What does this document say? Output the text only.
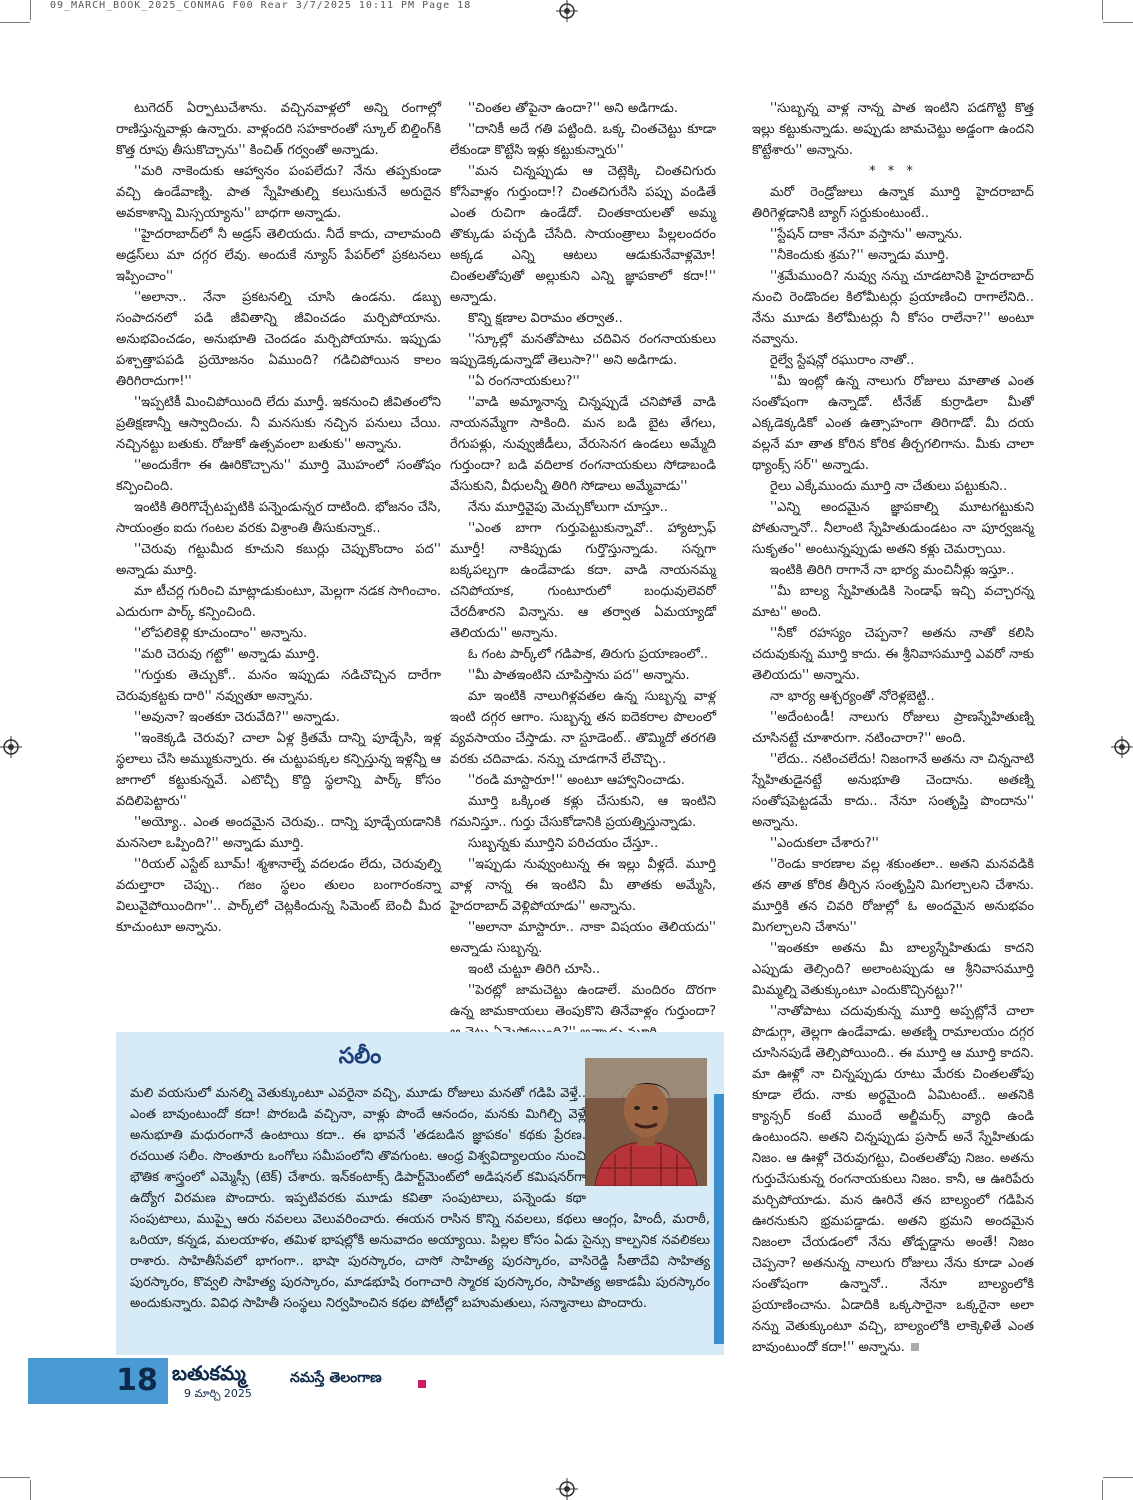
09_MARCH_BOOK_2025_CONMAG F00 Rear 3/7/2025 10:11 PM Page 18

టుగెదర్ ఏర్పాటుచేశాను. వచ్చినవాళ్లలో అన్ని రంగాల్లో రాణిస్తున్నవాళ్లు ఉన్నారు. వాళ్లందరి సహకారంతో స్కూల్ బిల్డింగ్‌కి కొత్త రూపు తీసుకొచ్చాను'' కించిత్ గర్వంతో అన్నాడు.

''మరి నాకెందుకు ఆహ్వానం పంపలేదు? నేను తప్పకుండా వచ్చి ఉండేవాణ్ని. పాత స్నేహితుల్ని కలుసుకునే అరుదైన అవకాశాన్ని మిస్సయ్యాను'' బాధగా అన్నాడు.

''హైదరాబాద్‌లో నీ అడ్రస్ తెలియదు. నీదే కాదు, చాలామంది అడ్రస్‌లు మా దగ్గర లేవు. అందుకే న్యూస్ పేపర్‌లో ప్రకటనలు ఇప్పించాం''

''అలానా.. నేనా ప్రకటనల్ని చూసి ఉండను. డబ్బు సంపాదనలో పడి జీవితాన్ని జీవించడం మర్చిపోయాను. అనుభవించడం, అనుభూతి చెందడం మర్చిపోయాను. ఇప్పుడు పశ్చాత్తాపపడి ప్రయోజనం ఏముంది? గడిచిపోయిన కాలం తిరిగిరాదుగా!''

''ఇప్పటికీ మించిపోయింది లేదు మూర్తీ. ఇకనుంచి జీవితంలోని ప్రతిక్షణాన్నీ ఆస్వాదించు. నీ మనసుకు నచ్చిన పనులు చేయి. నచ్చినట్టు బతుకు. రోజుకో ఉత్సవంలా బతుకు'' అన్నాను.

''అందుకేగా ఈ ఊరికొచ్చాను'' మూర్తి మొహంలో సంతోషం కన్పించింది.

ఇంటికి తిరిగొచ్చేటప్పటికి పన్నెండున్నర దాటింది. భోజనం చేసి, సాయంత్రం ఐదు గంటల వరకు విశ్రాంతి తీసుకున్నాక..

''చెరువు గట్టుమీద కూచుని కబుర్లు చెప్పుకొందాం పద'' అన్నాడు మూర్తి.

మా టీచర్ల గురించి మాట్లాడుకుంటూ, మెల్లగా నడక సాగించాం. ఎదురుగా పార్క్ కన్పించింది.

''లోపలికెళ్లి కూచుందాం'' అన్నాను.

''మరి చెరువు గట్టో'' అన్నాడు మూర్తి.

''గుర్తుకు తెచ్చుకో.. మనం ఇప్పుడు నడిచొచ్చిన దారేగా చెరువుకట్టకు దారి'' నవ్వుతూ అన్నాను.

''అవునా? ఇంతకూ చెరువేది?'' అన్నాడు.

''ఇంకెక్కడి చెరువు? చాలా ఏళ్ల క్రితమే దాన్ని పూడ్చేసి, ఇళ్ల స్థలాలు చేసి అమ్ముకున్నారు. ఈ చుట్టుపక్కల కన్పిస్తున్న ఇళ్లన్నీ ఆ జాగాలో కట్టుకున్నవే. ఎటొచ్చీ కొద్ది స్థలాన్ని పార్క్ కోసం వదిలిపెట్టారు''

''అయ్యో.. ఎంత అందమైన చెరువు.. దాన్ని పూడ్చేయడానికి మనసెలా ఒప్పింది?'' అన్నాడు మూర్తి.

''రియల్ ఎస్టేట్ బూమ్! శ్మశానాల్నే వదలడం లేదు, చెరువుల్ని వదుల్తారా చెప్పు.. గజం స్థలం తులం బంగారంకన్నా విలువైపోయిందిగా''.. పార్క్‌లో చెట్లకిందున్న సిమెంట్ బెంచీ మీద కూచుంటూ అన్నాను.

''చింతల తోపైనా ఉందా?'' అని అడిగాడు.

''దానికీ అదే గతి పట్టింది. ఒక్క చింతచెట్టు కూడా లేకుండా కొట్టేసి ఇళ్లు కట్టుకున్నారు''

''మన చిన్నప్పుడు ఆ చెట్లెక్కి చింతచిగురు కోసేవాళ్లం గుర్తుందా!? చింతచిగురేసి పప్పు వండితే ఎంత రుచిగా ఉండేదో. చింతకాయలతో అమ్మ తొక్కుడు పచ్చడి చేసేది. సాయంత్రాలు పిల్లలందరం అక్కడ ఎన్ని ఆటలు ఆడుకునేవాళ్లమో! చింతలతోపుతో అల్లుకుని ఎన్ని జ్ఞాపకాలో కదా!'' అన్నాడు.

కొన్ని క్షణాల విరామం తర్వాత..

''స్కూల్లో మనతోపాటు చదివిన రంగనాయకులు ఇప్పుడెక్కడున్నాడో తెలుసా?'' అని అడిగాడు.

''ఏ రంగనాయకులు?''

''వాడి అమ్మానాన్న చిన్నప్పుడే చనిపోతే వాడి నాయనమ్మేగా సాకింది. మన బడి బైట తేగలు, రేగుపళ్లు, నువ్వుజీడీలు, వేరుసెనగ ఉండలు అమ్మేది గుర్తుందా? బడి వదిలాక రంగనాయకులు సోడాబండి వేసుకుని, వీధులన్నీ తిరిగి సోడాలు అమ్మేవాడు''

నేను మూర్తివైపు మెచ్చుకోలుగా చూస్తూ..

''ఎంత బాగా గుర్తుపెట్టుకున్నావో.. హ్యాట్సాఫ్ మూర్తీ! నాకిప్పుడు గుర్తొస్తున్నాడు. సన్నగా బక్కపల్చగా ఉండేవాడు కదా. వాడి నాయనమ్మ చనిపోయాక, గుంటూరులో బంధువులెవరో చేరదీశారని విన్నాను. ఆ తర్వాత ఏమయ్యాడో తెలియదు'' అన్నాను.

ఓ గంట పార్క్‌లో గడిపాక, తిరుగు ప్రయాణంలో..

''మీ పాతఇంటిని చూపిస్తాను పద'' అన్నాను.

మా ఇంటికి నాలుగిళ్లవతల ఉన్న సుబ్బన్న వాళ్ల ఇంటి దగ్గర ఆగాం. సుబ్బన్న తన ఐదెకరాల పొలంలో వ్యవసాయం చేస్తాడు. నా స్టూడెంట్.. తొమ్మిదో తరగతి వరకు చదివాడు. నన్ను చూడగానే లేచొచ్చి..

''రండి మాస్టారూ!'' అంటూ ఆహ్వానించాడు.

మూర్తి ఒక్కింత కళ్లు చేసుకుని, ఆ ఇంటిని గమనిస్తూ.. గుర్తు చేసుకోడానికి ప్రయత్నిస్తున్నాడు.

సుబ్బన్నకు మూర్తిని పరిచయం చేస్తూ..

''ఇప్పుడు నువ్వుంటున్న ఈ ఇల్లు వీళ్లదే. మూర్తి వాళ్ల నాన్న ఈ ఇంటిని మీ తాతకు అమ్మేసి, హైదరాబాద్ వెళ్లిపోయాడు'' అన్నాను.

''అలానా మాస్టారూ.. నాకా విషయం తెలియదు'' అన్నాడు సుబ్బన్న.

ఇంటి చుట్టూ తిరిగి చూసి..

''పెరట్లో జామచెట్టు ఉండాలే. మందిరం దొరగా ఉన్న జామకాయలు తెంపుకొని తినేవాళ్లం గుర్తుందా?

''సుబ్బన్న వాళ్ల నాన్న పాత ఇంటిని పడగొట్టి కొత్త ఇల్లు కట్టుకున్నాడు. అప్పుడు జామచెట్టు అడ్డంగా ఉందని కొట్టేశారు'' అన్నాను.

* * *

మరో రెండ్రోజులు ఉన్నాక మూర్తి హైదరాబాద్ తిరిగెళ్లడానికి బ్యాగ్ సర్దుకుంటుంటే..

''స్టేషన్ దాకా నేనూ వస్తాను'' అన్నాను.

''నీకెందుకు శ్రమ?'' అన్నాడు మూర్తి.

''శ్రమేముంది? నువ్వు నన్ను చూడటానికి హైదరాబాద్ నుంచి రెండొందల కిలోమీటర్లు ప్రయాణించి రాగాలేనిది.. నేను మూడు కిలోమీటర్లు నీ కోసం రాలేనా?'' అంటూ నవ్వాను.

రైల్వే స్టేషన్లో రఘురాం నాతో..

''మీ ఇంట్లో ఉన్న నాలుగు రోజులు మాతాత ఎంత సంతోషంగా ఉన్నాడో. టీనేజ్ కుర్రాడిలా మీతో ఎక్కడెక్కడికో ఎంత ఉత్సాహంగా తిరిగాడో. మీ దయ వల్లనే మా తాత కోరిన కోరిక తీర్చగలిగాను. మీకు చాలా థ్యాంక్స్ సర్'' అన్నాడు.

రైలు ఎక్కేముందు మూర్తి నా చేతులు పట్టుకుని..

''ఎన్ని అందమైన జ్ఞాపకాల్ని మూటగట్టుకుని పోతున్నానో.. నీలాంటి స్నేహితుడుండటం నా పూర్వజన్మ సుకృతం'' అంటున్నప్పుడు అతని కళ్లు చెమర్చాయి.

ఇంటికి తిరిగి రాగానే నా భార్య మంచినీళ్లు ఇస్తూ..

''మీ బాల్య స్నేహితుడికి సెండాఫ్ ఇచ్చి వచ్చారన్న మాట'' అంది.

''నీకో రహస్యం చెప్పనా? అతను నాతో కలిసి చదువుకున్న మూర్తి కాదు. ఈ శ్రీనివాసమూర్తి ఎవరో నాకు తెలియదు'' అన్నాను.

నా భార్య ఆశ్చర్యంతో నోరెళ్లబెట్టి..

''అదేంటండీ! నాలుగు రోజులు ప్రాణస్నేహితుణ్ని చూసినట్టే చూశారుగా. నటించారా?'' అంది.

''లేదు.. నటించలేదు! నిజంగానే అతను నా చిన్ననాటి స్నేహితుడైనట్టే అనుభూతి చెందాను. అతణ్ని సంతోషపెట్టడమే కాదు.. నేనూ సంతృప్తి పొందాను'' అన్నాను.

''ఎందుకలా చేశారు?''

''రెండు కారణాల వల్ల శకుంతలా.. అతని మనవడికి తన తాత కోరిక తీర్చిన సంతృప్తిని మిగల్చాలని చేశాను. మూర్తికి తన చివరి రోజుల్లో ఓ అందమైన అనుభవం మిగల్చాలని చేశాను''

''ఇంతకూ అతను మీ బాల్యస్నేహితుడు కాదని ఎప్పుడు తెల్సింది? అలాంటప్పుడు ఆ శ్రీనివాసమూర్తి మిమ్మల్ని వెతుక్కుంటూ ఎందుకొచ్చినట్టు?''

''నాతోపాటు చదువుకున్న మూర్తి అప్పట్లోనే చాలా పొడుగ్గా, తెల్లగా ఉండేవాడు. అతణ్ని రామాలయం దగ్గర చూసినపుడే తెల్సిపోయింది.. ఈ మూర్తి ఆ మూర్తి కాదని. మా ఊళ్లో నా చిన్నప్పుడు రూటు మేరకు చింతలతోపు కూడా లేదు. నాకు అర్థమైంది ఏమిటంటే.. అతనికి క్యాన్సర్ కంటే ముందే అల్జీమర్స్ వ్యాధి ఉండి ఉంటుందని. అతని చిన్నప్పుడు ప్రసాద్ అనే స్నేహితుడు నిజం. ఆ ఊళ్లో చెరువుగట్టు, చింతలతోపు నిజం. అతను గుర్తుచేసుకున్న రంగనాయకులు నిజం. కానీ, ఆ ఊరిపేరు మర్చిపోయాడు. మన ఊరినే తన బాల్యంలో గడిపిన ఊరనుకుని భ్రమపడ్డాడు. అతని భ్రమని అందమైన నిజంలా చేయడంలో నేను తోడ్పడ్డాను అంతే! నిజం చెప్పనా? అతనున్న నాలుగు రోజులు నేను కూడా ఎంత సంతోషంగా ఉన్నానో.. నేనూ బాల్యంలోకి ప్రయాణించాను. ఏడాదికి ఒక్కసారైనా ఒక్కరైనా అలా నన్ను వెతుక్కుంటూ వచ్చి, బాల్యంలోకి లాక్కెళితే ఎంత బావుంటుందో కదా!'' అన్నాను.

సలీం
మలి వయసులో మనల్ని వెతుక్కుంటూ ఎవరైనా వచ్చి, మూడు రోజులు మనతో గడిపి వెళ్తే.. ఎంత బావుంటుందో కదా! పొరబడి వచ్చినా, వాళ్లు పొందే ఆనందం, మనకు మిగిల్చి వెళ్లే అనుభూతి మధురంగానే ఉంటాయి కదా.. ఈ భావనే 'తడబడిన జ్ఞాపకం' కథకు ప్రేరణ. రచయిత సలీం. సొంతూరు ఒంగోలు సమీపంలోని తొవగుంట. ఆంధ్ర విశ్వవిద్యాలయం నుంచి భౌతిక శాస్త్రంలో ఎమ్మెస్సీ (టెక్) చేశారు. ఇన్‌కంటాక్స్ డిపార్ట్‌మెంట్‌లో అడిషనల్ కమిషనర్‌గా ఉద్యోగ విరమణ పొందారు. ఇప్పటివరకు మూడు కవితా సంపుటాలు, పన్నెండు కథా సంపుటాలు, ముప్పై ఆరు నవలలు వెలువరించారు. ఈయన రాసిన కొన్ని నవలలు, కథలు ఆంగ్లం, హిందీ, మరాఠీ, ఒరియా, కన్నడ, మలయాళం, తమిళ భాషల్లోకి అనువాదం అయ్యాయి. పిల్లల కోసం ఏడు సైన్సు కాల్పనిక నవలికలు రాశారు. సాహితీసేవలో భాగంగా.. భాషా పురస్కారం, చాసో సాహిత్య పురస్కారం, వాసిరెడ్డి సీతాదేవి సాహిత్య పురస్కారం, కొవ్వలి సాహిత్య పురస్కారం, మాడభూషి రంగాచారి స్మారక పురస్కారం, సాహిత్య అకాడమీ పురస్కారం అందుకున్నారు. వివిధ సాహితీ సంస్థలు నిర్వహించిన కథల పోటీల్లో బహుమతులు, సన్మానాలు పొందారు.
18 బతుకమ్మ
9 మార్చి 2025
నమస్తే తెలంగాణ
